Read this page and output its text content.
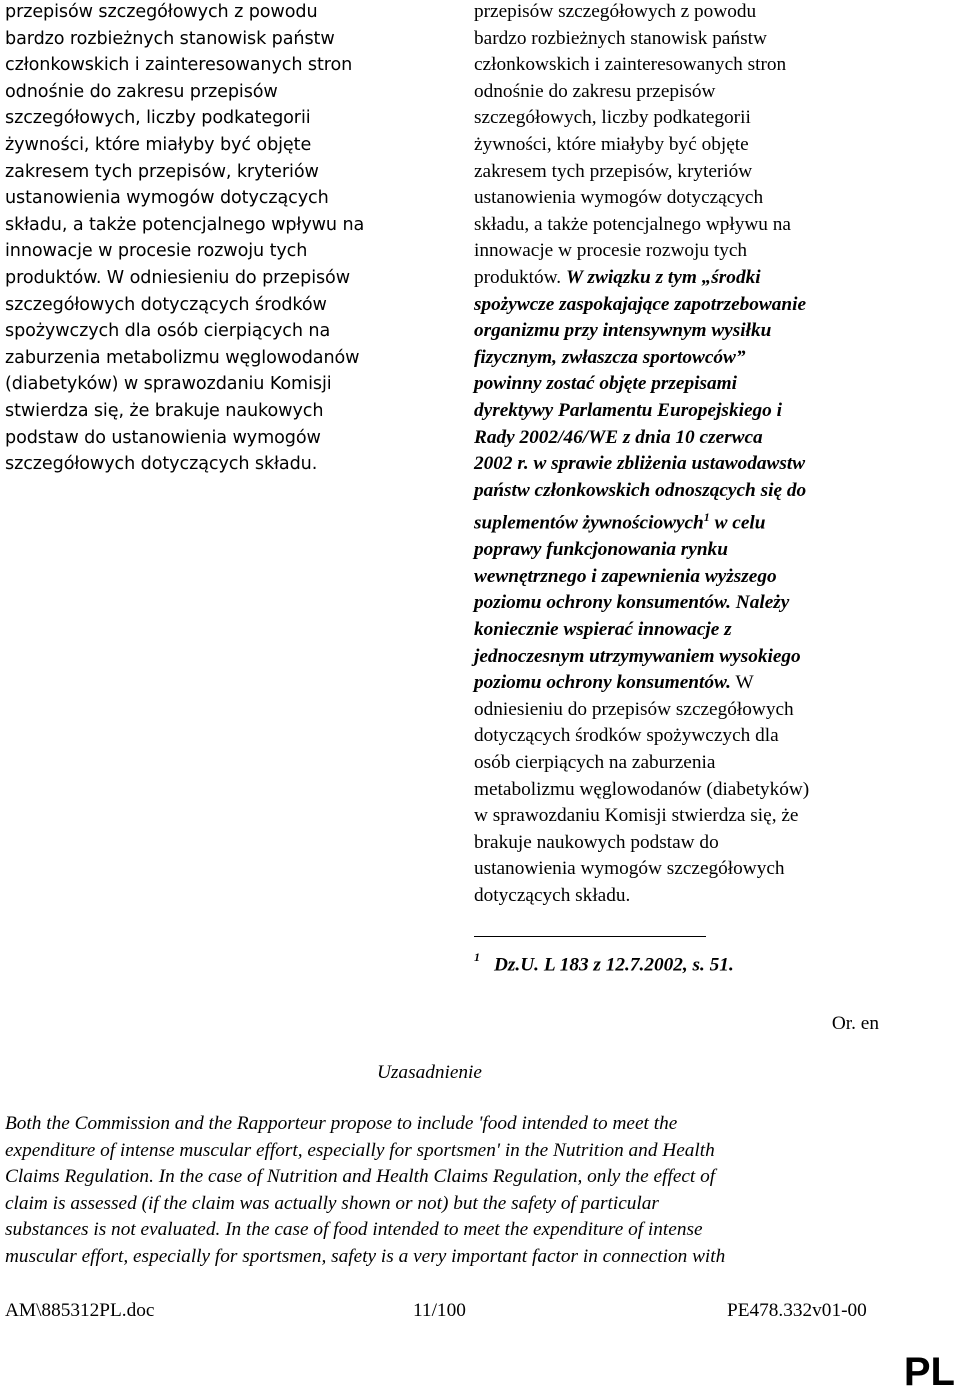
przepisów szczegółowych z powodu

bardzo rozbieżnych stanowisk państw

członkowskich i zainteresowanych stron

odnośnie do zakresu przepisów

szczegółowych, liczby podkategorii

żywności, które miałyby być objęte

zakresem tych przepisów, kryteriów

ustanowienia wymogów dotyczących

składu, a także potencjalnego wpływu na

innowacje w procesie rozwoju tych

produktów. W odniesieniu do przepisów

szczegółowych dotyczących środków

spożywczych dla osób cierpiących na

zaburzenia metabolizmu węglowodanów

(diabetyków) w sprawozdaniu Komisji

stwierdza się, że brakuje naukowych

podstaw do ustanowienia wymogów

szczegółowych dotyczących składu.

przepisów szczegółowych z powodu

bardzo rozbieżnych stanowisk państw

członkowskich i zainteresowanych stron

odnośnie do zakresu przepisów

szczegółowych, liczby podkategorii

żywności, które miałyby być objęte

zakresem tych przepisów, kryteriów

ustanowienia wymogów dotyczących

składu, a także potencjalnego wpływu na

innowacje w procesie rozwoju tych

produktów. W związku z tym „środki

spożywcze zaspokajające zapotrzebowanie

organizmu przy intensywnym wysiłku

fizycznym, zwłaszcza sportowców”

powinny zostać objęte przepisami

dyrektywy Parlamentu Europejskiego i

Rady 2002/46/WE z dnia 10 czerwca

2002 r. w sprawie zbliżenia ustawodawstw

państw członkowskich odnoszących się do

suplementów żywnościowych$^1$ w celu

poprawy funkcjonowania rynku

wewnętrznego i zapewnienia wyższego

poziomu ochrony konsumentów. Należy

koniecznie wspierać innowacje z

jednoczesnym utrzymywaniem wysokiego

poziomu ochrony konsumentów. W

odniesieniu do przepisów szczegółowych

dotyczących środków spożywczych dla

osób cierpiących na zaburzenia

metabolizmu węglowodanów (diabetyków)

w sprawozdaniu Komisji stwierdza się, że

brakuje naukowych podstaw do

ustanowienia wymogów szczegółowych

dotyczących składu.

$^1$ Dz.U. L 183 z 12.7.2002, s. 51.
Or. en
Uzasadnienie

Both the Commission and the Rapporteur propose to include 'food intended to meet the

expenditure of intense muscular effort, especially for sportsmen' in the Nutrition and Health

Claims Regulation. In the case of Nutrition and Health Claims Regulation, only the effect of

claim is assessed (if the claim was actually shown or not) but the safety of particular

substances is not evaluated. In the case of food intended to meet the expenditure of intense

muscular effort, especially for sportsmen, safety is a very important factor in connection with

AM\885312PL.doc	11/100	PE478.332v01-00
PL
